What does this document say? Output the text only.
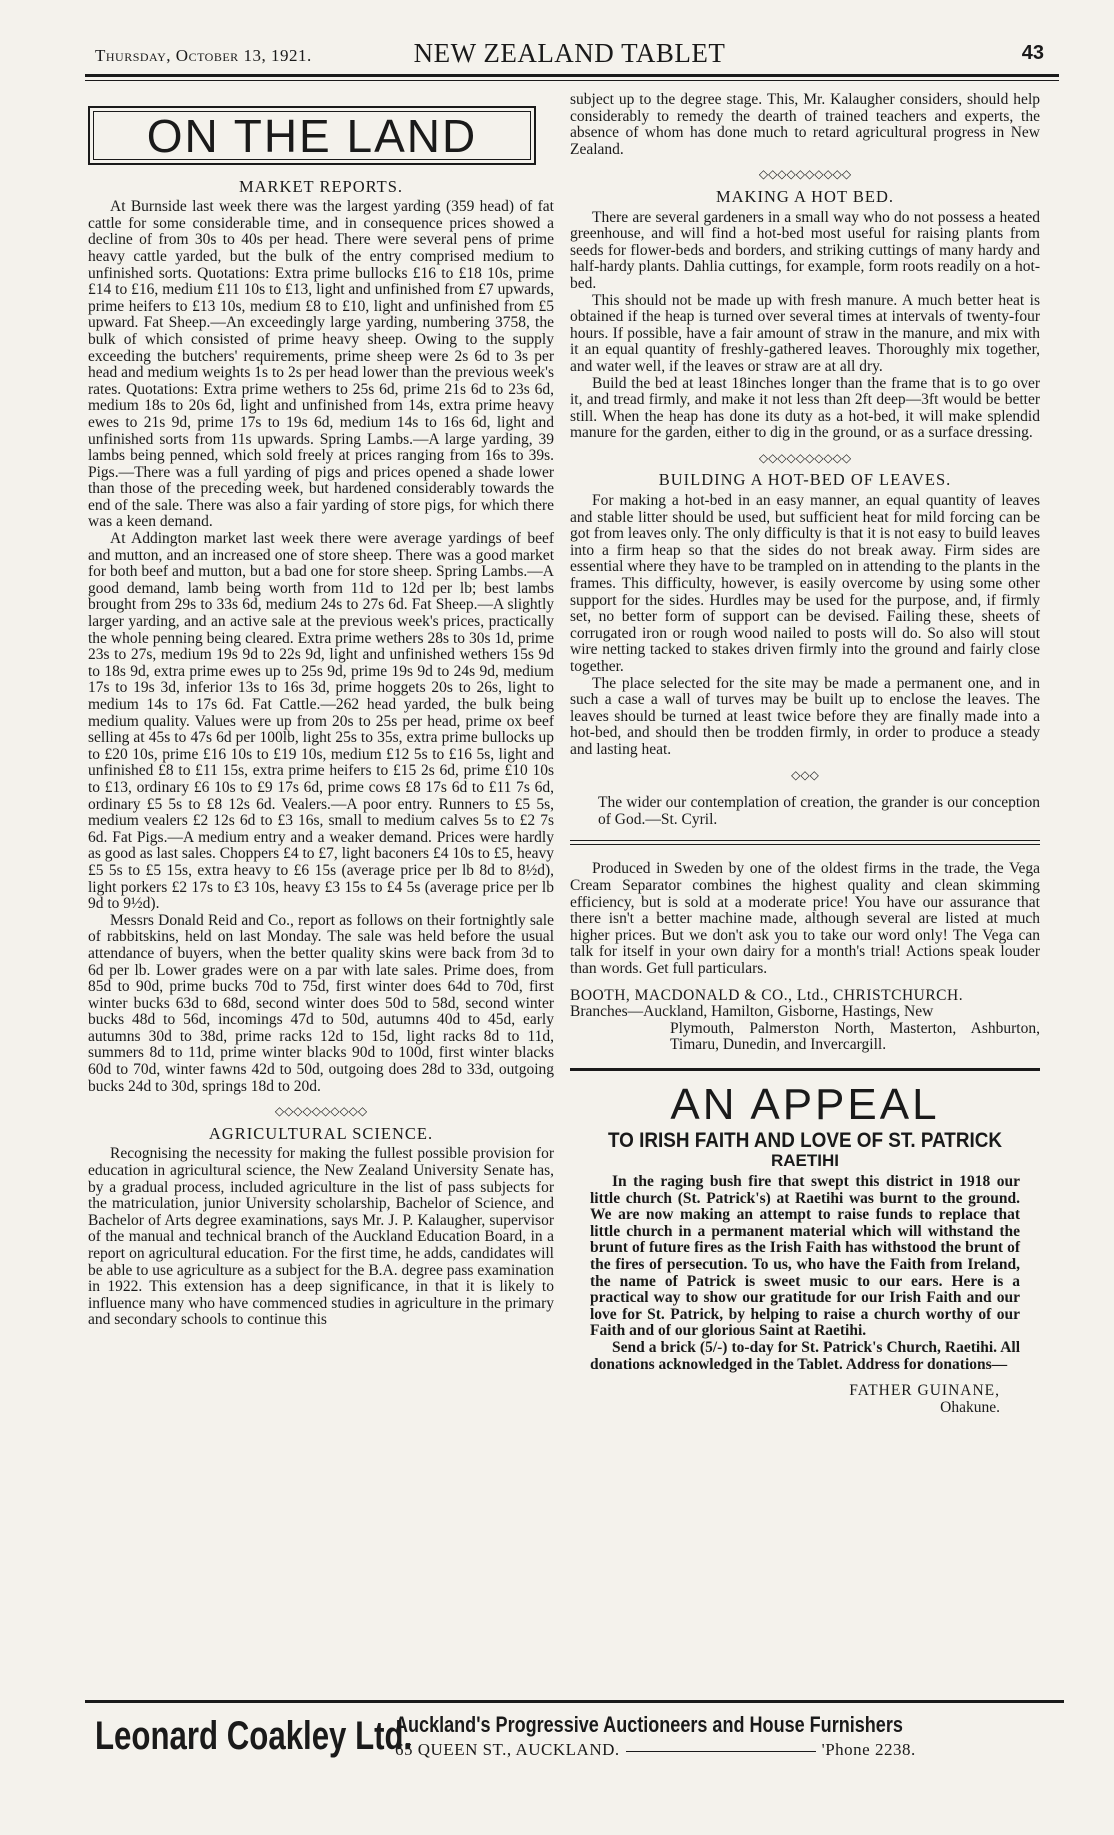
Thursday, October 13, 1921.	NEW ZEALAND TABLET	43
ON THE LAND
MARKET REPORTS.

At Burnside last week there was the largest yarding (359 head) of fat cattle for some considerable time, and in consequence prices showed a decline of from 30s to 40s per head. There were several pens of prime heavy cattle yarded, but the bulk of the entry comprised medium to unfinished sorts. Quotations: Extra prime bullocks £16 to £18 10s, prime £14 to £16, medium £11 10s to £13, light and unfinished from £7 upwards, prime heifers to £13 10s, medium £8 to £10, light and unfinished from £5 upward. Fat Sheep.—An exceedingly large yarding, numbering 3758, the bulk of which consisted of prime heavy sheep. Owing to the supply exceeding the butchers' requirements, prime sheep were 2s 6d to 3s per head and medium weights 1s to 2s per head lower than the previous week's rates. Quotations: Extra prime wethers to 25s 6d, prime 21s 6d to 23s 6d, medium 18s to 20s 6d, light and unfinished from 14s, extra prime heavy ewes to 21s 9d, prime 17s to 19s 6d, medium 14s to 16s 6d, light and unfinished sorts from 11s upwards. Spring Lambs.—A large yarding, 39 lambs being penned, which sold freely at prices ranging from 16s to 39s. Pigs.—There was a full yarding of pigs and prices opened a shade lower than those of the preceding week, but hardened considerably towards the end of the sale. There was also a fair yarding of store pigs, for which there was a keen demand.

At Addington market last week there were average yardings of beef and mutton, and an increased one of store sheep. There was a good market for both beef and mutton, but a bad one for store sheep. Spring Lambs.—A good demand, lamb being worth from 11d to 12d per lb; best lambs brought from 29s to 33s 6d, medium 24s to 27s 6d. Fat Sheep.—A slightly larger yarding, and an active sale at the previous week's prices, practically the whole penning being cleared. Extra prime wethers 28s to 30s 1d, prime 23s to 27s, medium 19s 9d to 22s 9d, light and unfinished wethers 15s 9d to 18s 9d, extra prime ewes up to 25s 9d, prime 19s 9d to 24s 9d, medium 17s to 19s 3d, inferior 13s to 16s 3d, prime hoggets 20s to 26s, light to medium 14s to 17s 6d. Fat Cattle.—262 head yarded, the bulk being medium quality. Values were up from 20s to 25s per head, prime ox beef selling at 45s to 47s 6d per 100lb, light 25s to 35s, extra prime bullocks up to £20 10s, prime £16 10s to £19 10s, medium £12 5s to £16 5s, light and unfinished £8 to £11 15s, extra prime heifers to £15 2s 6d, prime £10 10s to £13, ordinary £6 10s to £9 17s 6d, prime cows £8 17s 6d to £11 7s 6d, ordinary £5 5s to £8 12s 6d. Vealers.—A poor entry. Runners to £5 5s, medium vealers £2 12s 6d to £3 16s, small to medium calves 5s to £2 7s 6d. Fat Pigs.—A medium entry and a weaker demand. Prices were hardly as good as last sales. Choppers £4 to £7, light baconers £4 10s to £5, heavy £5 5s to £5 15s, extra heavy to £6 15s (average price per lb 8d to 8½d), light porkers £2 17s to £3 10s, heavy £3 15s to £4 5s (average price per lb 9d to 9½d).

Messrs Donald Reid and Co., report as follows on their fortnightly sale of rabbitskins, held on last Monday. The sale was held before the usual attendance of buyers, when the better quality skins were back from 3d to 6d per lb. Lower grades were on a par with late sales. Prime does, from 85d to 90d, prime bucks 70d to 75d, first winter does 64d to 70d, first winter bucks 63d to 68d, second winter does 50d to 58d, second winter bucks 48d to 56d, incomings 47d to 50d, autumns 40d to 45d, early autumns 30d to 38d, prime racks 12d to 15d, light racks 8d to 11d, summers 8d to 11d, prime winter blacks 90d to 100d, first winter blacks 60d to 70d, winter fawns 42d to 50d, outgoing does 28d to 33d, outgoing bucks 24d to 30d, springs 18d to 20d.

◇◇◇◇◇◇◇◇◇◇
AGRICULTURAL SCIENCE.

Recognising the necessity for making the fullest possible provision for education in agricultural science, the New Zealand University Senate has, by a gradual process, included agriculture in the list of pass subjects for the matriculation, junior University scholarship, Bachelor of Science, and Bachelor of Arts degree examinations, says Mr. J. P. Kalaugher, supervisor of the manual and technical branch of the Auckland Education Board, in a report on agricultural education. For the first time, he adds, candidates will be able to use agriculture as a subject for the B.A. degree pass examination in 1922. This extension has a deep significance, in that it is likely to influence many who have commenced studies in agriculture in the primary and secondary schools to continue this

subject up to the degree stage. This, Mr. Kalaugher considers, should help considerably to remedy the dearth of trained teachers and experts, the absence of whom has done much to retard agricultural progress in New Zealand.

◇◇◇◇◇◇◇◇◇◇
MAKING A HOT BED.

There are several gardeners in a small way who do not possess a heated greenhouse, and will find a hot-bed most useful for raising plants from seeds for flower-beds and borders, and striking cuttings of many hardy and half-hardy plants. Dahlia cuttings, for example, form roots readily on a hot-bed.

This should not be made up with fresh manure. A much better heat is obtained if the heap is turned over several times at intervals of twenty-four hours. If possible, have a fair amount of straw in the manure, and mix with it an equal quantity of freshly-gathered leaves. Thoroughly mix together, and water well, if the leaves or straw are at all dry.

Build the bed at least 18inches longer than the frame that is to go over it, and tread firmly, and make it not less than 2ft deep—3ft would be better still. When the heap has done its duty as a hot-bed, it will make splendid manure for the garden, either to dig in the ground, or as a surface dressing.

◇◇◇◇◇◇◇◇◇◇
BUILDING A HOT-BED OF LEAVES.

For making a hot-bed in an easy manner, an equal quantity of leaves and stable litter should be used, but sufficient heat for mild forcing can be got from leaves only. The only difficulty is that it is not easy to build leaves into a firm heap so that the sides do not break away. Firm sides are essential where they have to be trampled on in attending to the plants in the frames. This difficulty, however, is easily overcome by using some other support for the sides. Hurdles may be used for the purpose, and, if firmly set, no better form of support can be devised. Failing these, sheets of corrugated iron or rough wood nailed to posts will do. So also will stout wire netting tacked to stakes driven firmly into the ground and fairly close together.

The place selected for the site may be made a permanent one, and in such a case a wall of turves may be built up to enclose the leaves. The leaves should be turned at least twice before they are finally made into a hot-bed, and should then be trodden firmly, in order to produce a steady and lasting heat.

◇◇◇

The wider our contemplation of creation, the grander is our conception of God.—St. Cyril.

Produced in Sweden by one of the oldest firms in the trade, the Vega Cream Separator combines the highest quality and clean skimming efficiency, but is sold at a moderate price! You have our assurance that there isn't a better machine made, although several are listed at much higher prices. But we don't ask you to take our word only! The Vega can talk for itself in your own dairy for a month's trial! Actions speak louder than words. Get full particulars.

BOOTH, MACDONALD & CO., Ltd., CHRISTCHURCH.

Branches—Auckland, Hamilton, Gisborne, Hastings, New
Plymouth, Palmerston North, Masterton, Ashburton, Timaru, Dunedin, and Invercargill.

AN APPEAL
TO IRISH FAITH AND LOVE OF ST. PATRICK
RAETIHI

In the raging bush fire that swept this district in 1918 our little church (St. Patrick's) at Raetihi was burnt to the ground. We are now making an attempt to raise funds to replace that little church in a permanent material which will withstand the brunt of future fires as the Irish Faith has withstood the brunt of the fires of persecution. To us, who have the Faith from Ireland, the name of Patrick is sweet music to our ears. Here is a practical way to show our gratitude for our Irish Faith and our love for St. Patrick, by helping to raise a church worthy of our Faith and of our glorious Saint at Raetihi.

Send a brick (5/-) to-day for St. Patrick's Church, Raetihi. All donations acknowledged in the Tablet. Address for donations—

FATHER GUINANE,
Ohakune.
Leonard Coakley Ltd.
Auckland's Progressive Auctioneers and House Furnishers
65 QUEEN ST., AUCKLAND.	'Phone 2238.
